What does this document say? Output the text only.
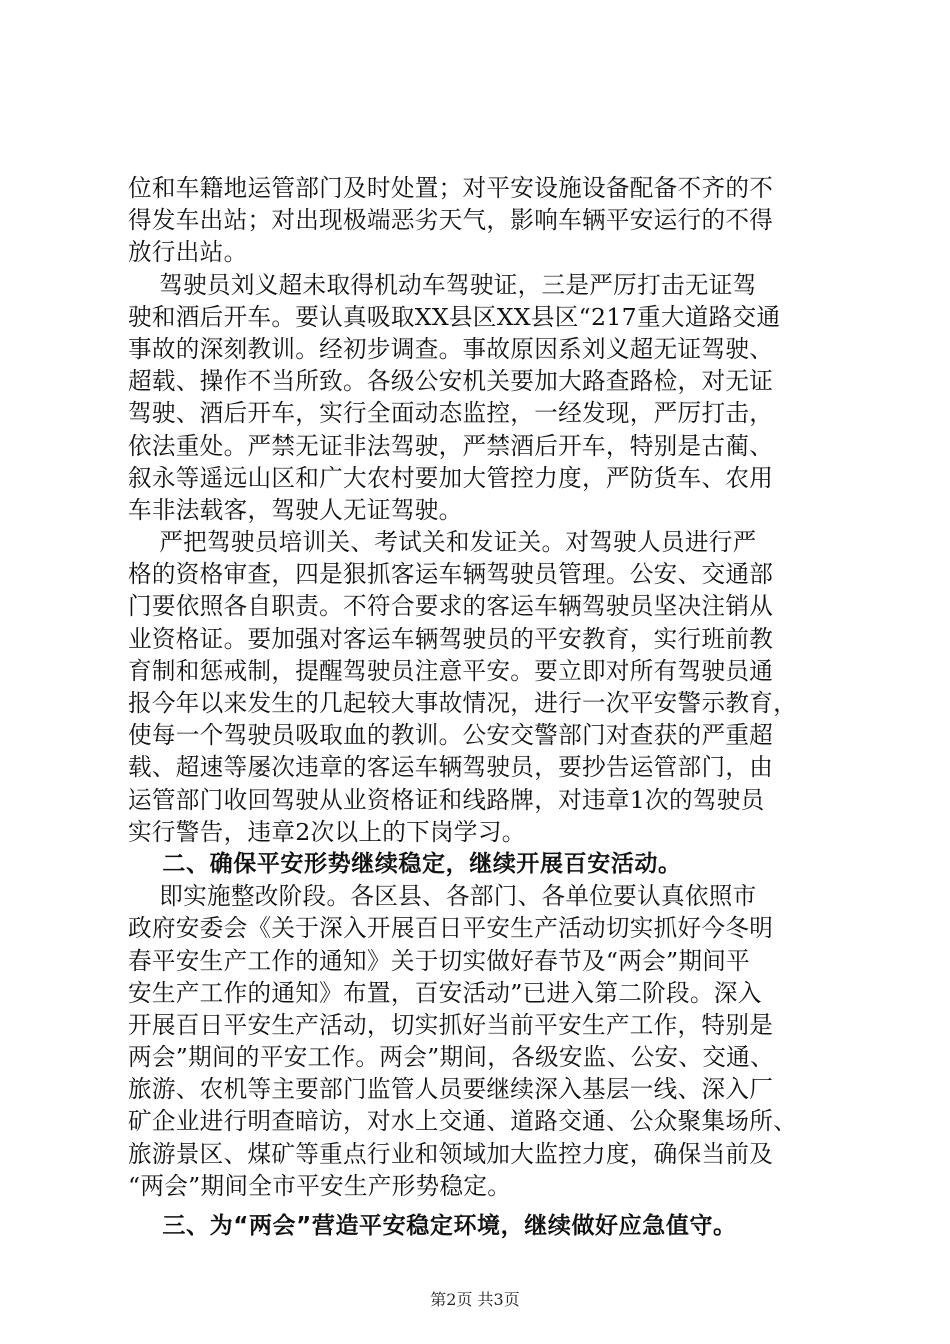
位和车籍地运管部门及时处置；对平安设施设备配备不齐的不
得发车出站；对出现极端恶劣天气，影响车辆平安运行的不得
放行出站。
驾驶员刘义超未取得机动车驾驶证，三是严厉打击无证驾
驶和酒后开车。要认真吸取XX县区XX县区“217重大道路交通
事故的深刻教训。经初步调查。事故原因系刘义超无证驾驶、
超载、操作不当所致。各级公安机关要加大路查路检，对无证
驾驶、酒后开车，实行全面动态监控，一经发现，严厉打击，
依法重处。严禁无证非法驾驶，严禁酒后开车，特别是古蔺、
叙永等遥远山区和广大农村要加大管控力度，严防货车、农用
车非法载客，驾驶人无证驾驶。
严把驾驶员培训关、考试关和发证关。对驾驶人员进行严
格的资格审查，四是狠抓客运车辆驾驶员管理。公安、交通部
门要依照各自职责。不符合要求的客运车辆驾驶员坚决注销从
业资格证。要加强对客运车辆驾驶员的平安教育，实行班前教
育制和惩戒制，提醒驾驶员注意平安。要立即对所有驾驶员通
报今年以来发生的几起较大事故情况，进行一次平安警示教育，
使每一个驾驶员吸取血的教训。公安交警部门对查获的严重超
载、超速等屡次违章的客运车辆驾驶员，要抄告运管部门，由
运管部门收回驾驶从业资格证和线路牌，对违章1次的驾驶员
实行警告，违章2次以上的下岗学习。
二、确保平安形势继续稳定，继续开展百安活动。
即实施整改阶段。各区县、各部门、各单位要认真依照市
政府安委会《关于深入开展百日平安生产活动切实抓好今冬明
春平安生产工作的通知》关于切实做好春节及“两会”期间平
安生产工作的通知》布置，百安活动”已进入第二阶段。深入
开展百日平安生产活动，切实抓好当前平安生产工作，特别是
两会”期间的平安工作。两会”期间，各级安监、公安、交通、
旅游、农机等主要部门监管人员要继续深入基层一线、深入厂
矿企业进行明查暗访，对水上交通、道路交通、公众聚集场所、
旅游景区、煤矿等重点行业和领域加大监控力度，确保当前及
“两会”期间全市平安生产形势稳定。
三、为“两会”营造平安稳定环境，继续做好应急值守。
第2页 共3页
